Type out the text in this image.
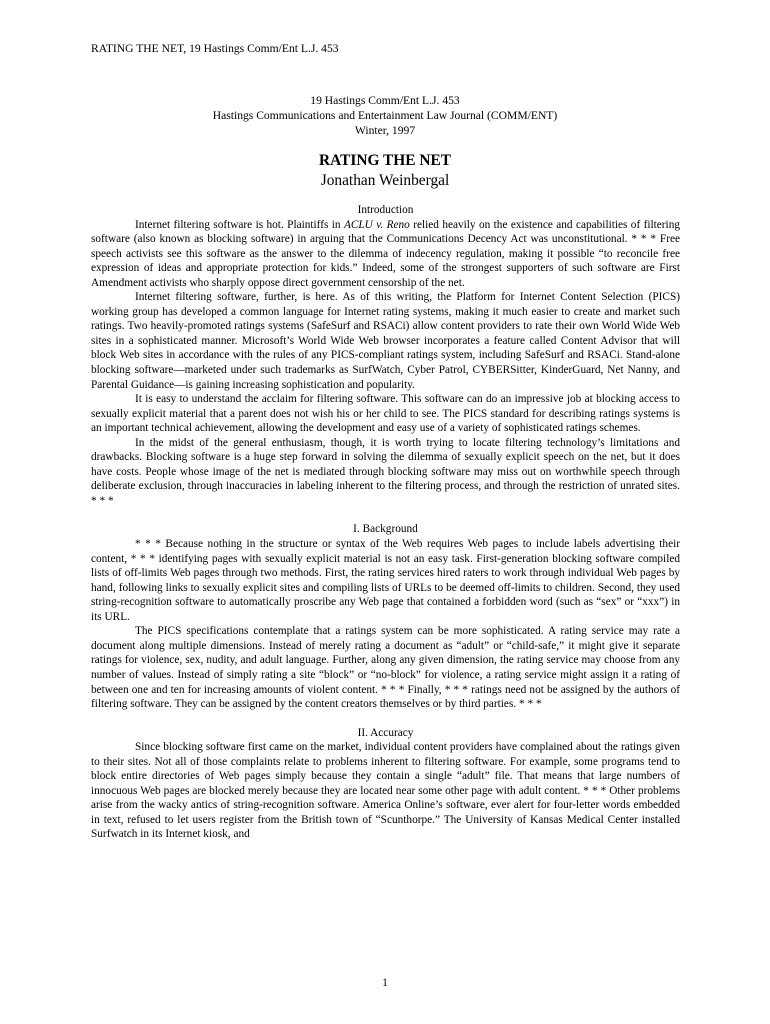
RATING THE NET, 19 Hastings Comm/Ent L.J. 453
19 Hastings Comm/Ent L.J. 453
Hastings Communications and Entertainment Law Journal (COMM/ENT)
Winter, 1997
RATING THE NET
Jonathan Weinbergal
Introduction

Internet filtering software is hot. Plaintiffs in ACLU v. Reno relied heavily on the existence and capabilities of filtering software (also known as blocking software) in arguing that the Communications Decency Act was unconstitutional. * * * Free speech activists see this software as the answer to the dilemma of indecency regulation, making it possible “to reconcile free expression of ideas and appropriate protection for kids.” Indeed, some of the strongest supporters of such software are First Amendment activists who sharply oppose direct government censorship of the net.

Internet filtering software, further, is here. As of this writing, the Platform for Internet Content Selection (PICS) working group has developed a common language for Internet rating systems, making it much easier to create and market such ratings. Two heavily-promoted ratings systems (SafeSurf and RSACi) allow content providers to rate their own World Wide Web sites in a sophisticated manner. Microsoft’s World Wide Web browser incorporates a feature called Content Advisor that will block Web sites in accordance with the rules of any PICS-compliant ratings system, including SafeSurf and RSACi. Stand-alone blocking software—marketed under such trademarks as SurfWatch, Cyber Patrol, CYBERSitter, KinderGuard, Net Nanny, and Parental Guidance—is gaining increasing sophistication and popularity.

It is easy to understand the acclaim for filtering software. This software can do an impressive job at blocking access to sexually explicit material that a parent does not wish his or her child to see. The PICS standard for describing ratings systems is an important technical achievement, allowing the development and easy use of a variety of sophisticated ratings schemes.

In the midst of the general enthusiasm, though, it is worth trying to locate filtering technology’s limitations and drawbacks. Blocking software is a huge step forward in solving the dilemma of sexually explicit speech on the net, but it does have costs. People whose image of the net is mediated through blocking software may miss out on worthwhile speech through deliberate exclusion, through inaccuracies in labeling inherent to the filtering process, and through the restriction of unrated sites. * * *

I. Background

* * * Because nothing in the structure or syntax of the Web requires Web pages to include labels advertising their content, * * * identifying pages with sexually explicit material is not an easy task. First-generation blocking software compiled lists of off-limits Web pages through two methods. First, the rating services hired raters to work through individual Web pages by hand, following links to sexually explicit sites and compiling lists of URLs to be deemed off-limits to children. Second, they used string-recognition software to automatically proscribe any Web page that contained a forbidden word (such as “sex” or “xxx”) in its URL.

The PICS specifications contemplate that a ratings system can be more sophisticated. A rating service may rate a document along multiple dimensions. Instead of merely rating a document as “adult” or “child-safe,” it might give it separate ratings for violence, sex, nudity, and adult language. Further, along any given dimension, the rating service may choose from any number of values. Instead of simply rating a site “block” or “no-block” for violence, a rating service might assign it a rating of between one and ten for increasing amounts of violent content. * * * Finally, * * * ratings need not be assigned by the authors of filtering software. They can be assigned by the content creators themselves or by third parties. * * *

II. Accuracy

Since blocking software first came on the market, individual content providers have complained about the ratings given to their sites. Not all of those complaints relate to problems inherent to filtering software. For example, some programs tend to block entire directories of Web pages simply because they contain a single “adult” file. That means that large numbers of innocuous Web pages are blocked merely because they are located near some other page with adult content. * * * Other problems arise from the wacky antics of string-recognition software. America Online’s software, ever alert for four-letter words embedded in text, refused to let users register from the British town of “Scunthorpe.” The University of Kansas Medical Center installed Surfwatch in its Internet kiosk, and

1
